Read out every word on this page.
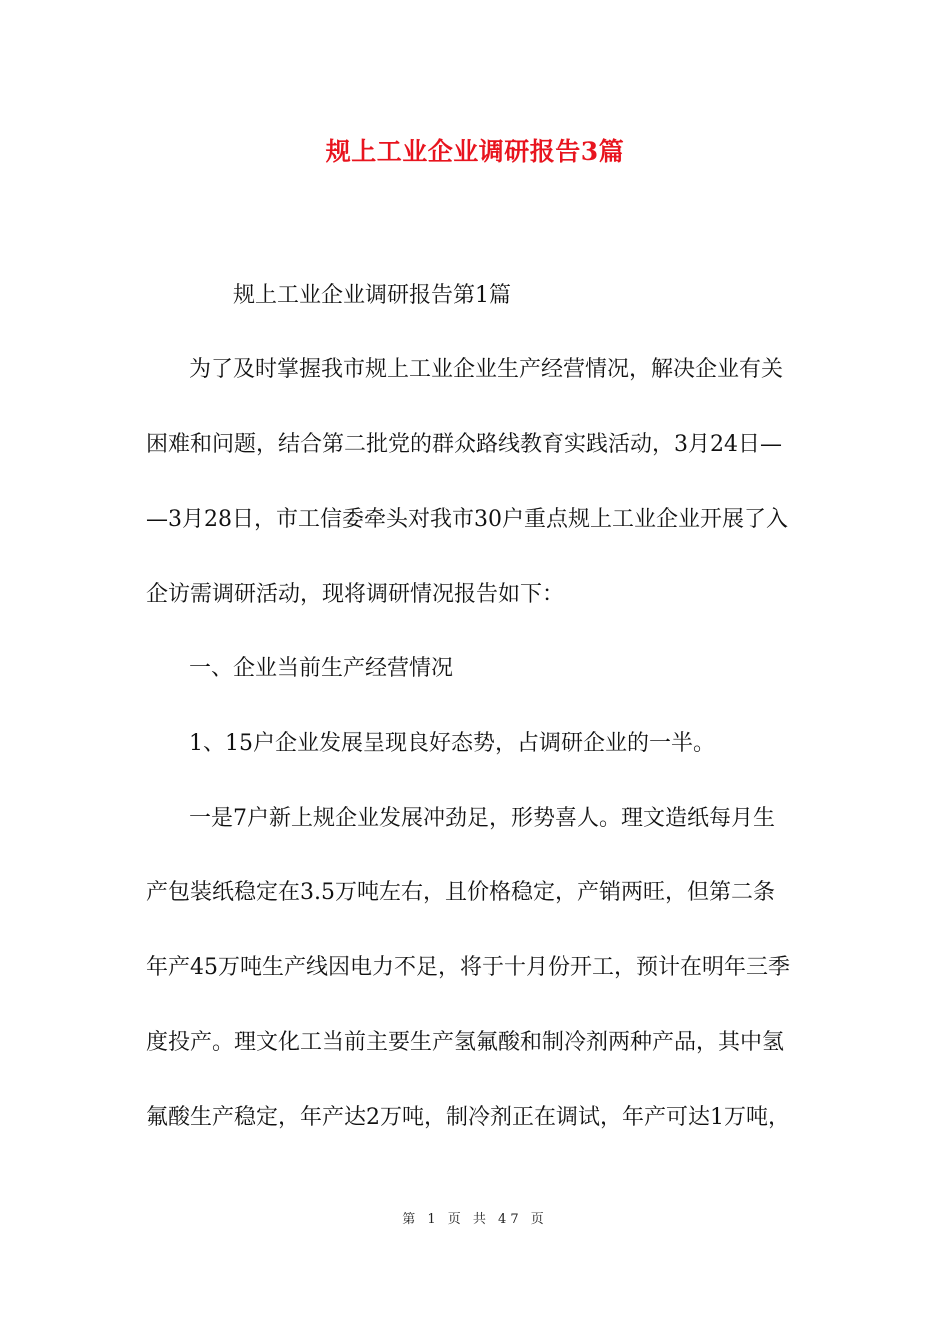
规上工业企业调研报告3篇
规上工业企业调研报告第1篇
为了及时掌握我市规上工业企业生产经营情况，解决企业有关
困难和问题，结合第二批党的群众路线教育实践活动，3月24日—
—3月28日，市工信委牵头对我市30户重点规上工业企业开展了入
企访需调研活动，现将调研情况报告如下：
一、企业当前生产经营情况
1、15户企业发展呈现良好态势，占调研企业的一半。
一是7户新上规企业发展冲劲足，形势喜人。理文造纸每月生
产包装纸稳定在3.5万吨左右，且价格稳定，产销两旺，但第二条
年产45万吨生产线因电力不足，将于十月份开工，预计在明年三季
度投产。理文化工当前主要生产氢氟酸和制冷剂两种产品，其中氢
氟酸生产稳定，年产达2万吨，制冷剂正在调试，年产可达1万吨，
第 1 页 共 47 页
